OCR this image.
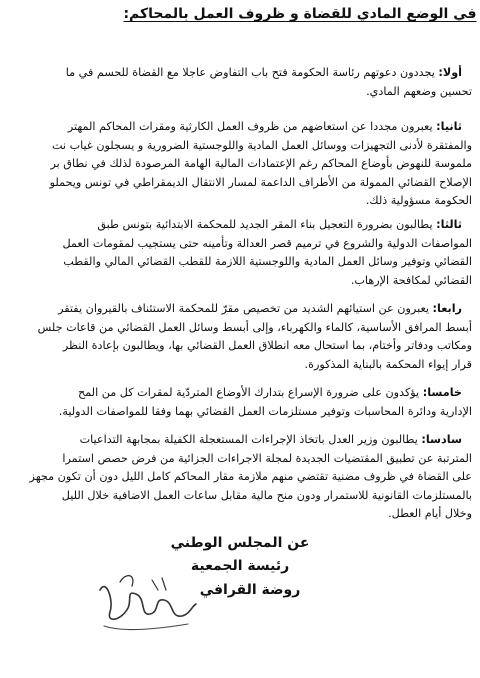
في الوضع المادي للقضاة و ظروف العمل بالمحاكم:
أولا: يجددون دعوتهم رئاسة الحكومة فتح باب التفاوض عاجلا مع القضاة للحسم في ما
تحسين وضعهم المادي.
ثانيا: يعبرون مجددا عن استعاضهم من ظروف العمل الكارثية ومقرات المحاكم المهتر
والمفتقرة لأدنى التجهيزات ووسائل العمل المادية واللوجستية الضرورية و يسجلون غياب نت
ملموسة للنهوض بأوضاع المحاكم رغم الإعتمادات المالية الهامة المرصودة لذلك في نطاق بر
الإصلاح القضائي الممولة من الأطراف الداعمة لمسار الانتقال الديمقراطي في تونس ويحملو
الحكومة مسؤولية ذلك.
ثالثا: يطالبون بضرورة التعجيل بناء المقر الجديد للمحكمة الابتدائية بتونس طبق
المواصفات الدولية والشروع في ترميم قصر العدالة وتأمينه حتى يستجيب لمقومات العمل
القضائي وتوفير وسائل العمل المادية واللوجستية اللازمة للقطب القضائي المالي والقطب
القضائي لمكافحة الإرهاب.
رابعا: يعبرون عن استيائهم الشديد من تخصيص مقرّ للمحكمة الاستئناف بالقيروان يفتقر
أبسط المرافق الأساسية، كالماء والكهرباء، وإلى أبسط وسائل العمل القضائي من قاعات جلس
ومكاتب ودفاتر وأختام، بما استحال معه انطلاق العمل القضائي بها، ويطالبون بإعادة النظر
قرار إيواء المحكمة بالبناية المذكورة.
خامسا: يؤكدون على ضرورة الإسراع بتدارك الأوضاع المتردّية لمقرات كل من المح
الإدارية ودائرة المحاسبات وتوفير مستلزمات العمل القضائي بهما وفقا للمواصفات الدولية.
سادسا: يطالبون وزير العدل باتخاذ الإجراءات المستعجلة الكفيلة بمجابهة التداعيات
المترتبة عن تطبيق المقتضيات الجديدة لمجلة الاجراءات الجزائية من فرض حصص استمرا
على القضاة في ظروف مضنية تقتضي منهم ملازمة مقار المحاكم كامل الليل دون أن تكون مجهز
بالمستلزمات القانونية للاستمرار ودون منح مالية مقابل ساعات العمل الاضافية خلال الليل
وخلال أيام العطل.
عن المجلس الوطني
رئيسة الجمعية
روضة القرافي
